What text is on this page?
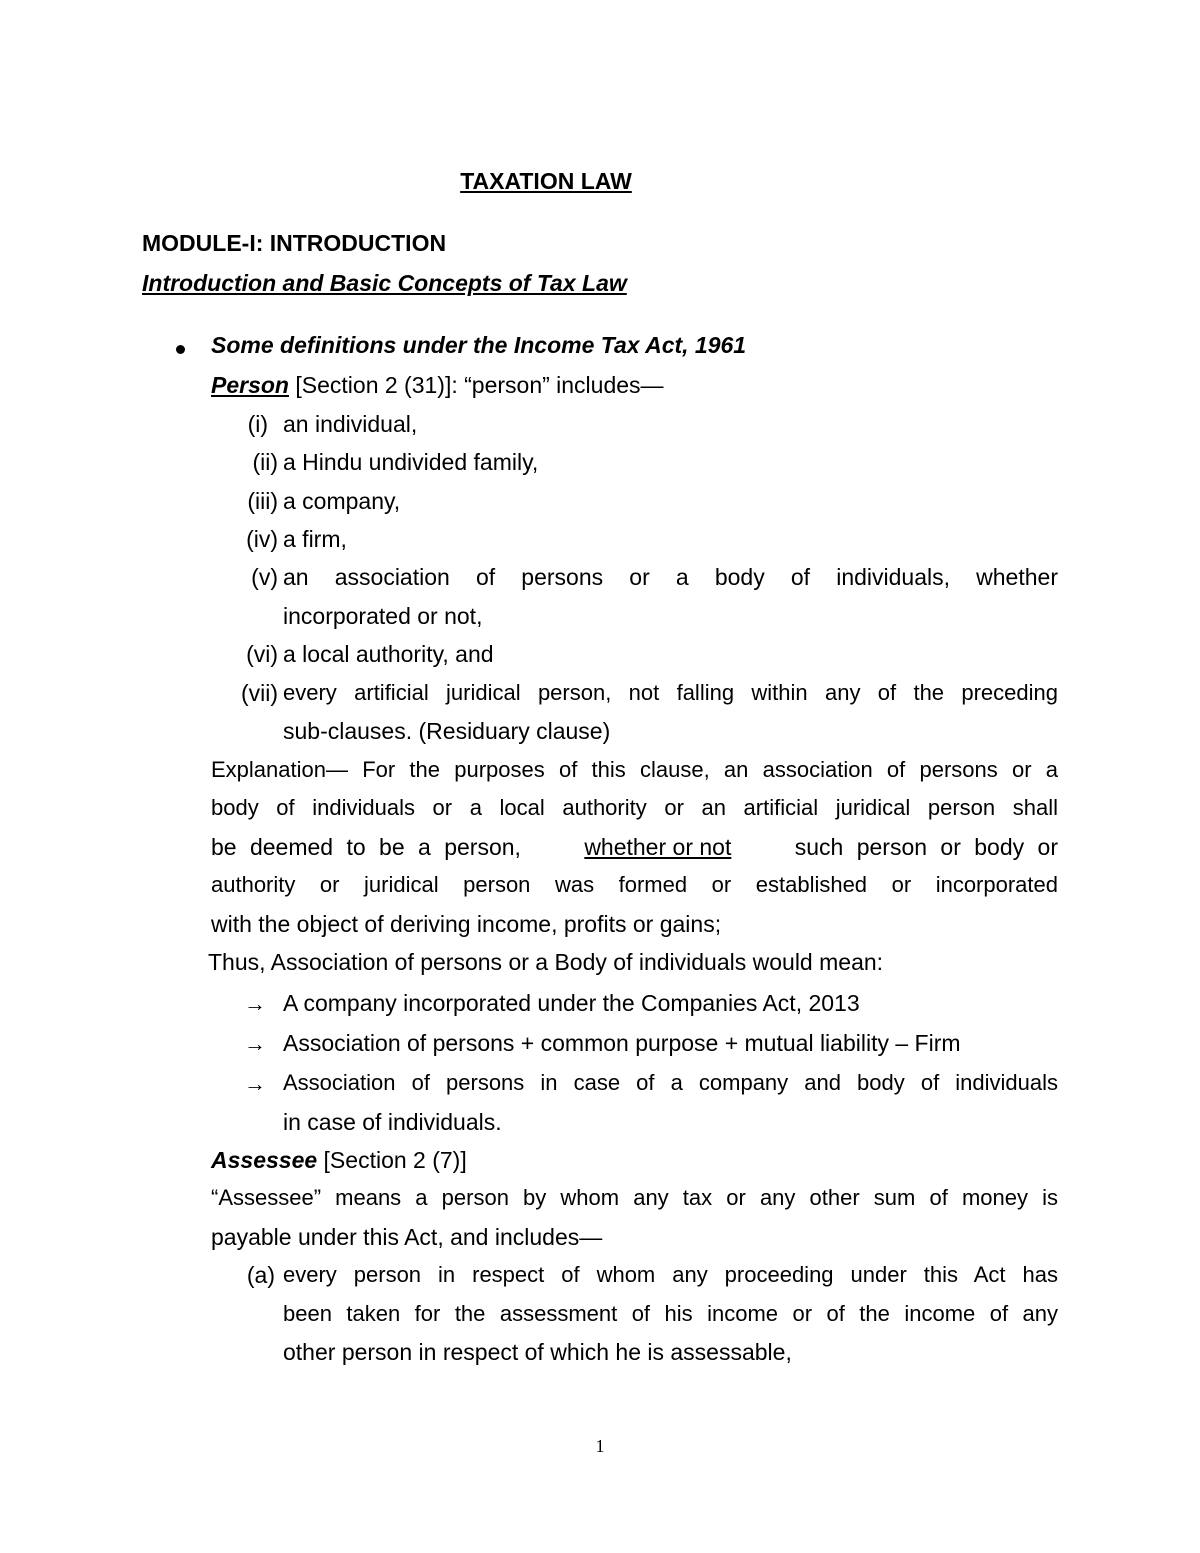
TAXATION LAW
MODULE-I: INTRODUCTION
Introduction and Basic Concepts of Tax Law
Some definitions under the Income Tax Act, 1961
Person [Section 2 (31)]: “person” includes—
(i) an individual,
(ii) a Hindu undivided family,
(iii) a company,
(iv) a firm,
(v) an association of persons or a body of individuals, whether
incorporated or not,
(vi) a local authority, and
(vii) every artificial juridical person, not falling within any of the preceding
sub-clauses. (Residuary clause)
Explanation— For the purposes of this clause, an association of persons or a
body of individuals or a local authority or an artificial juridical person shall
be deemed to be a person,	whether or not	such person or body or
authority or juridical person was formed or established or incorporated
with the object of deriving income, profits or gains;
Thus, Association of persons or a Body of individuals would mean:
→ A company incorporated under the Companies Act, 2013
→ Association of persons + common purpose + mutual liability – Firm
→ Association of persons in case of a company and body of individuals
in case of individuals.
Assessee [Section 2 (7)]
“Assessee” means a person by whom any tax or any other sum of money is
payable under this Act, and includes—
(a) every person in respect of whom any proceeding under this Act has
been taken for the assessment of his income or of the income of any
other person in respect of which he is assessable,
1
